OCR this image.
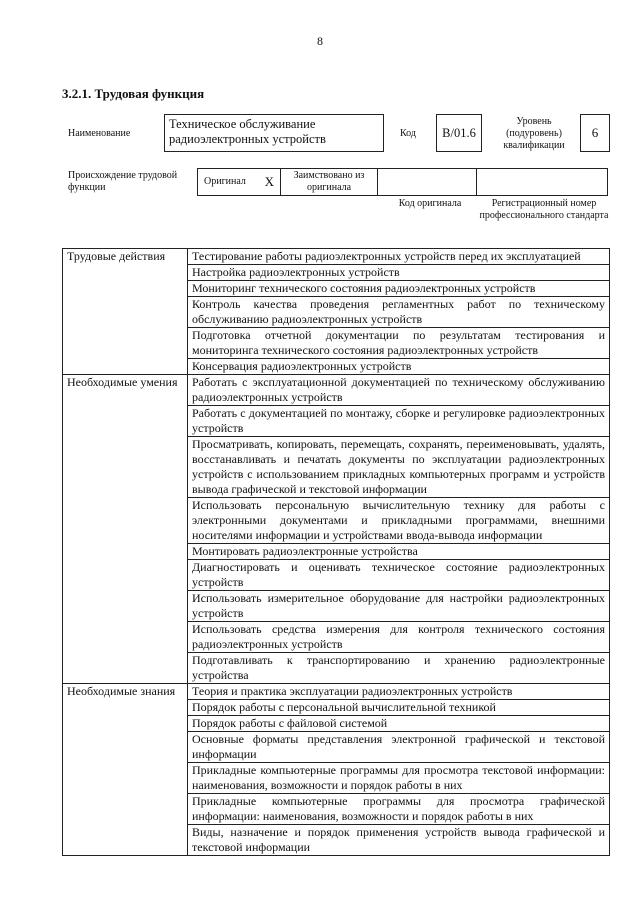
8
3.2.1. Трудовая функция
Наименование
Техническое обслуживание радиоэлектронных устройств	Код	В/01.6
Уровень (подуровень) квалификации
6
Происхождение трудовой функции
Оригинал X	Заимствовано из оригинала
Код оригинала	Регистрационный номер профессионального стандарта
Трудовые действия	Тестирование работы радиоэлектронных устройств перед их эксплуатацией
	Настройка радиоэлектронных устройств
	Мониторинг технического состояния радиоэлектронных устройств
	Контроль качества проведения регламентных работ по техническому обслуживанию радиоэлектронных устройств
	Подготовка отчетной документации по результатам тестирования и мониторинга технического состояния радиоэлектронных устройств
	Консервация радиоэлектронных устройств
Необходимые умения	Работать с эксплуатационной документацией по техническому обслуживанию радиоэлектронных устройств
	Работать с документацией по монтажу, сборке и регулировке радиоэлектронных устройств
	Просматривать, копировать, перемещать, сохранять, переименовывать, удалять, восстанавливать и печатать документы по эксплуатации радиоэлектронных устройств с использованием прикладных компьютерных программ и устройств вывода графической и текстовой информации
	Использовать персональную вычислительную технику для работы с электронными документами и прикладными программами, внешними носителями информации и устройствами ввода-вывода информации
	Монтировать радиоэлектронные устройства
	Диагностировать и оценивать техническое состояние радиоэлектронных устройств
	Использовать измерительное оборудование для настройки радиоэлектронных устройств
	Использовать средства измерения для контроля технического состояния радиоэлектронных устройств
	Подготавливать к транспортированию и хранению радиоэлектронные устройства
Необходимые знания	Теория и практика эксплуатации радиоэлектронных устройств
	Порядок работы с персональной вычислительной техникой
	Порядок работы с файловой системой
	Основные форматы представления электронной графической и текстовой информации
	Прикладные компьютерные программы для просмотра текстовой информации: наименования, возможности и порядок работы в них
	Прикладные компьютерные программы для просмотра графической информации: наименования, возможности и порядок работы в них
	Виды, назначение и порядок применения устройств вывода графической и текстовой информации
